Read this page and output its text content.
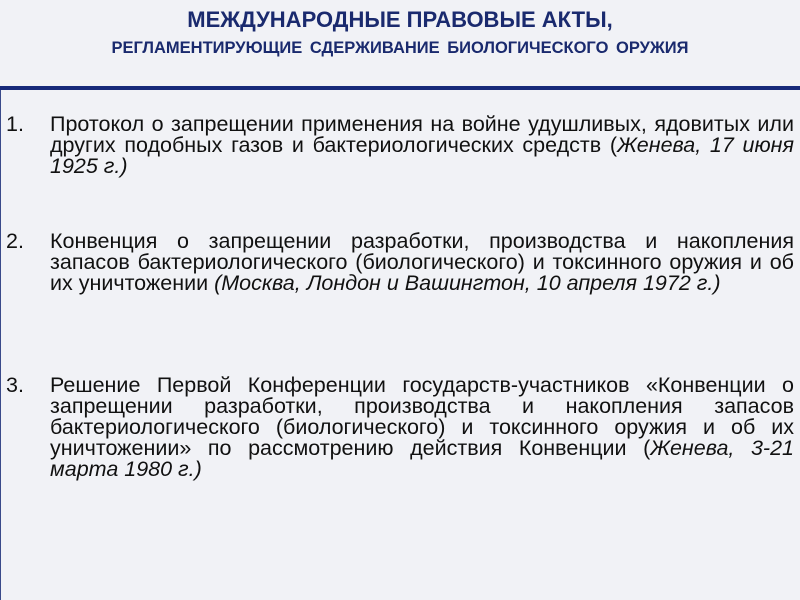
МЕЖДУНАРОДНЫЕ ПРАВОВЫЕ АКТЫ,
РЕГЛАМЕНТИРУЮЩИЕ СДЕРЖИВАНИЕ БИОЛОГИЧЕСКОГО ОРУЖИЯ
1.	Протокол о запрещении применения на войне удушливых, ядовитых или других подобных газов и бактериологических средств (Женева, 17 июня 1925 г.)
2.	Конвенция о запрещении разработки, производства и накопления запасов бактериологического (биологического) и токсинного оружия и об их уничтожении (Москва, Лондон и Вашингтон, 10 апреля 1972 г.)
3.	Решение Первой Конференции государств-участников «Конвенции о запрещении разработки, производства и накопления запасов бактериологического (биологического) и токсинного оружия и об их уничтожении» по рассмотрению действия Конвенции (Женева, 3-21 марта 1980 г.)
